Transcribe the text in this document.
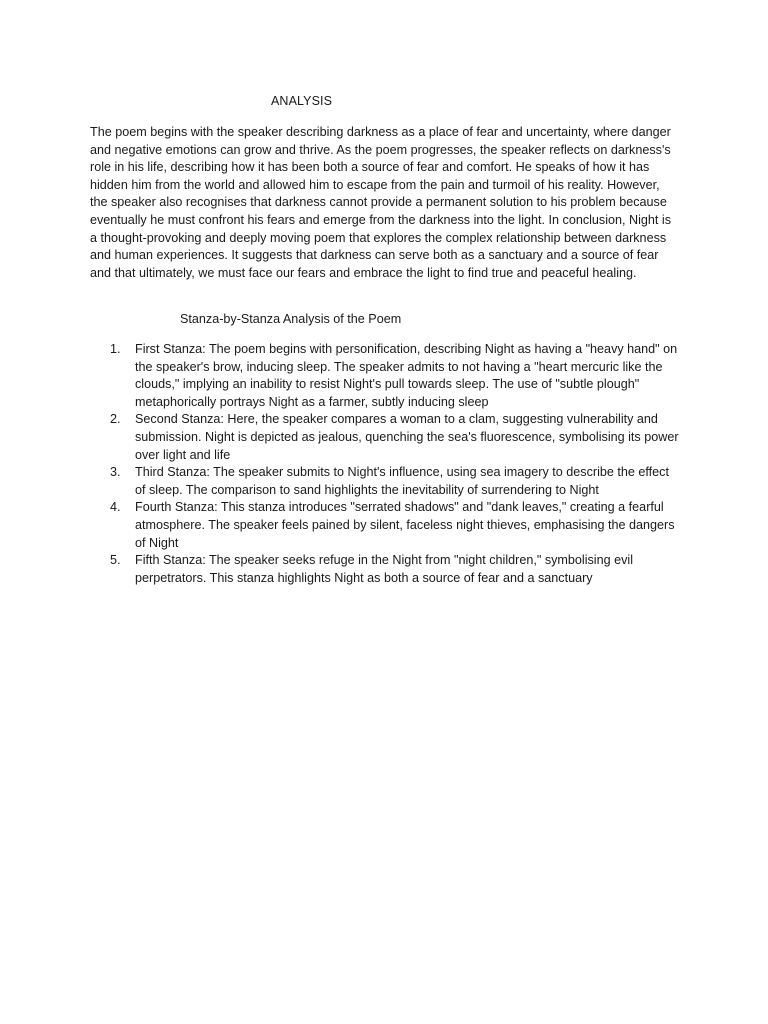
ANALYSIS

The poem begins with the speaker describing darkness as a place of fear and uncertainty, where danger and negative emotions can grow and thrive. As the poem progresses, the speaker reflects on darkness's role in his life, describing how it has been both a source of fear and comfort. He speaks of how it has hidden him from the world and allowed him to escape from the pain and turmoil of his reality. However, the speaker also recognises that darkness cannot provide a permanent solution to his problem because eventually he must confront his fears and emerge from the darkness into the light. In conclusion, Night is a thought-provoking and deeply moving poem that explores the complex relationship between darkness and human experiences. It suggests that darkness can serve both as a sanctuary and a source of fear and that ultimately, we must face our fears and embrace the light to find true and peaceful healing.

Stanza-by-Stanza Analysis of the Poem
1. First Stanza: The poem begins with personification, describing Night as having a "heavy hand" on the speaker's brow, inducing sleep. The speaker admits to not having a "heart mercuric like the clouds," implying an inability to resist Night's pull towards sleep. The use of "subtle plough" metaphorically portrays Night as a farmer, subtly inducing sleep
2. Second Stanza: Here, the speaker compares a woman to a clam, suggesting vulnerability and submission. Night is depicted as jealous, quenching the sea's fluorescence, symbolising its power over light and life
3. Third Stanza: The speaker submits to Night's influence, using sea imagery to describe the effect of sleep. The comparison to sand highlights the inevitability of surrendering to Night
4. Fourth Stanza: This stanza introduces "serrated shadows" and "dank leaves," creating a fearful atmosphere. The speaker feels pained by silent, faceless night thieves, emphasising the dangers of Night
5. Fifth Stanza: The speaker seeks refuge in the Night from "night children," symbolising evil perpetrators. This stanza highlights Night as both a source of fear and a sanctuary
